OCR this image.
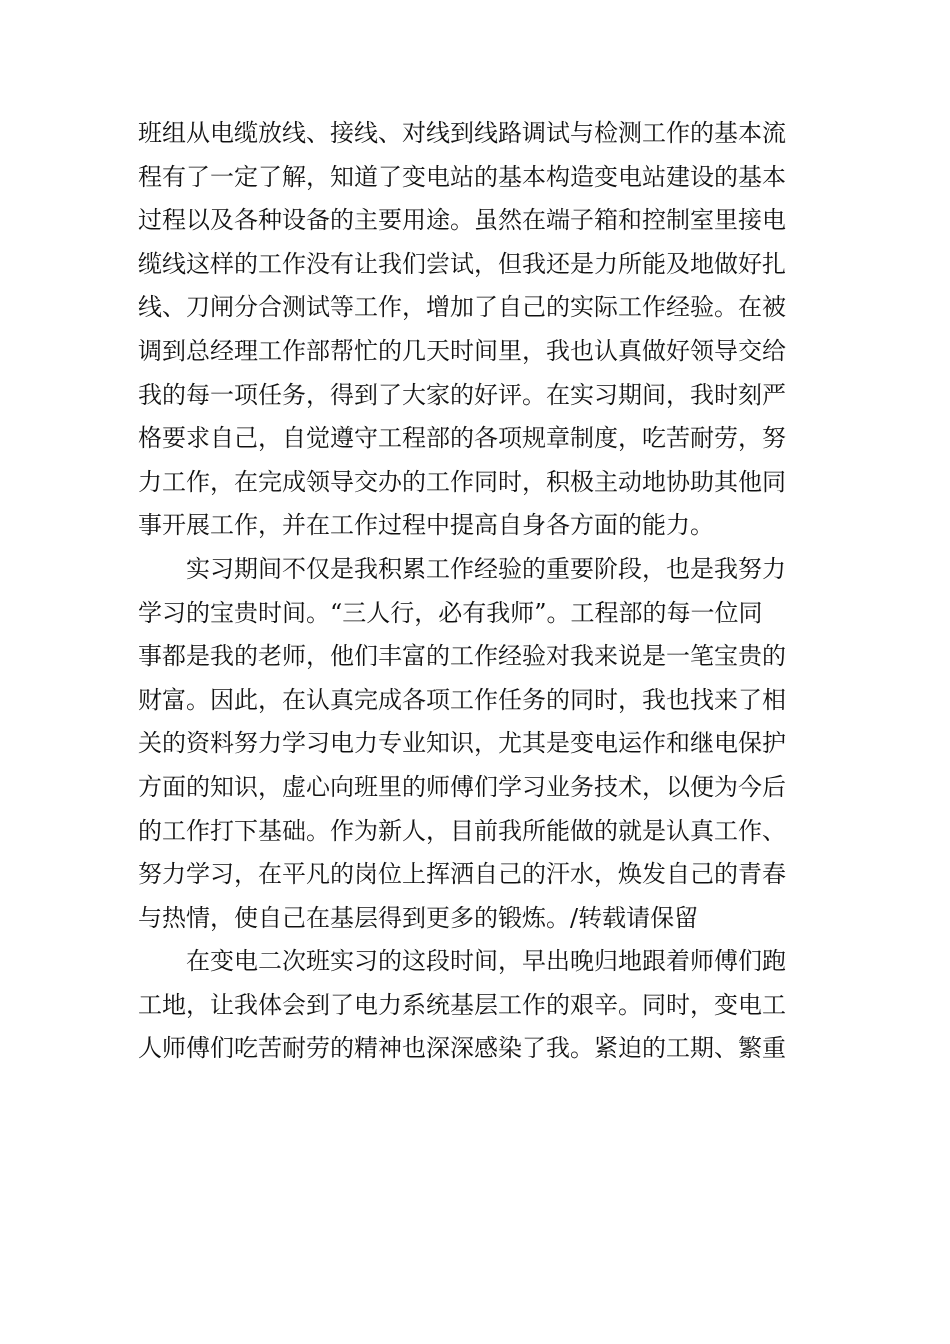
班组从电缆放线、接线、对线到线路调试与检测工作的基本流
程有了一定了解，知道了变电站的基本构造变电站建设的基本
过程以及各种设备的主要用途。虽然在端子箱和控制室里接电
缆线这样的工作没有让我们尝试，但我还是力所能及地做好扎
线、刀闸分合测试等工作，增加了自己的实际工作经验。在被
调到总经理工作部帮忙的几天时间里，我也认真做好领导交给
我的每一项任务，得到了大家的好评。在实习期间，我时刻严
格要求自己，自觉遵守工程部的各项规章制度，吃苦耐劳，努
力工作，在完成领导交办的工作同时，积极主动地协助其他同
事开展工作，并在工作过程中提高自身各方面的能力。
实习期间不仅是我积累工作经验的重要阶段，也是我努力
学习的宝贵时间。“三人行，必有我师”。工程部的每一位同
事都是我的老师，他们丰富的工作经验对我来说是一笔宝贵的
财富。因此，在认真完成各项工作任务的同时，我也找来了相
关的资料努力学习电力专业知识，尤其是变电运作和继电保护
方面的知识，虚心向班里的师傅们学习业务技术，以便为今后
的工作打下基础。作为新人，目前我所能做的就是认真工作、
努力学习，在平凡的岗位上挥洒自己的汗水，焕发自己的青春
与热情，使自己在基层得到更多的锻炼。/转载请保留
在变电二次班实习的这段时间，早出晚归地跟着师傅们跑
工地，让我体会到了电力系统基层工作的艰辛。同时，变电工
人师傅们吃苦耐劳的精神也深深感染了我。紧迫的工期、繁重
